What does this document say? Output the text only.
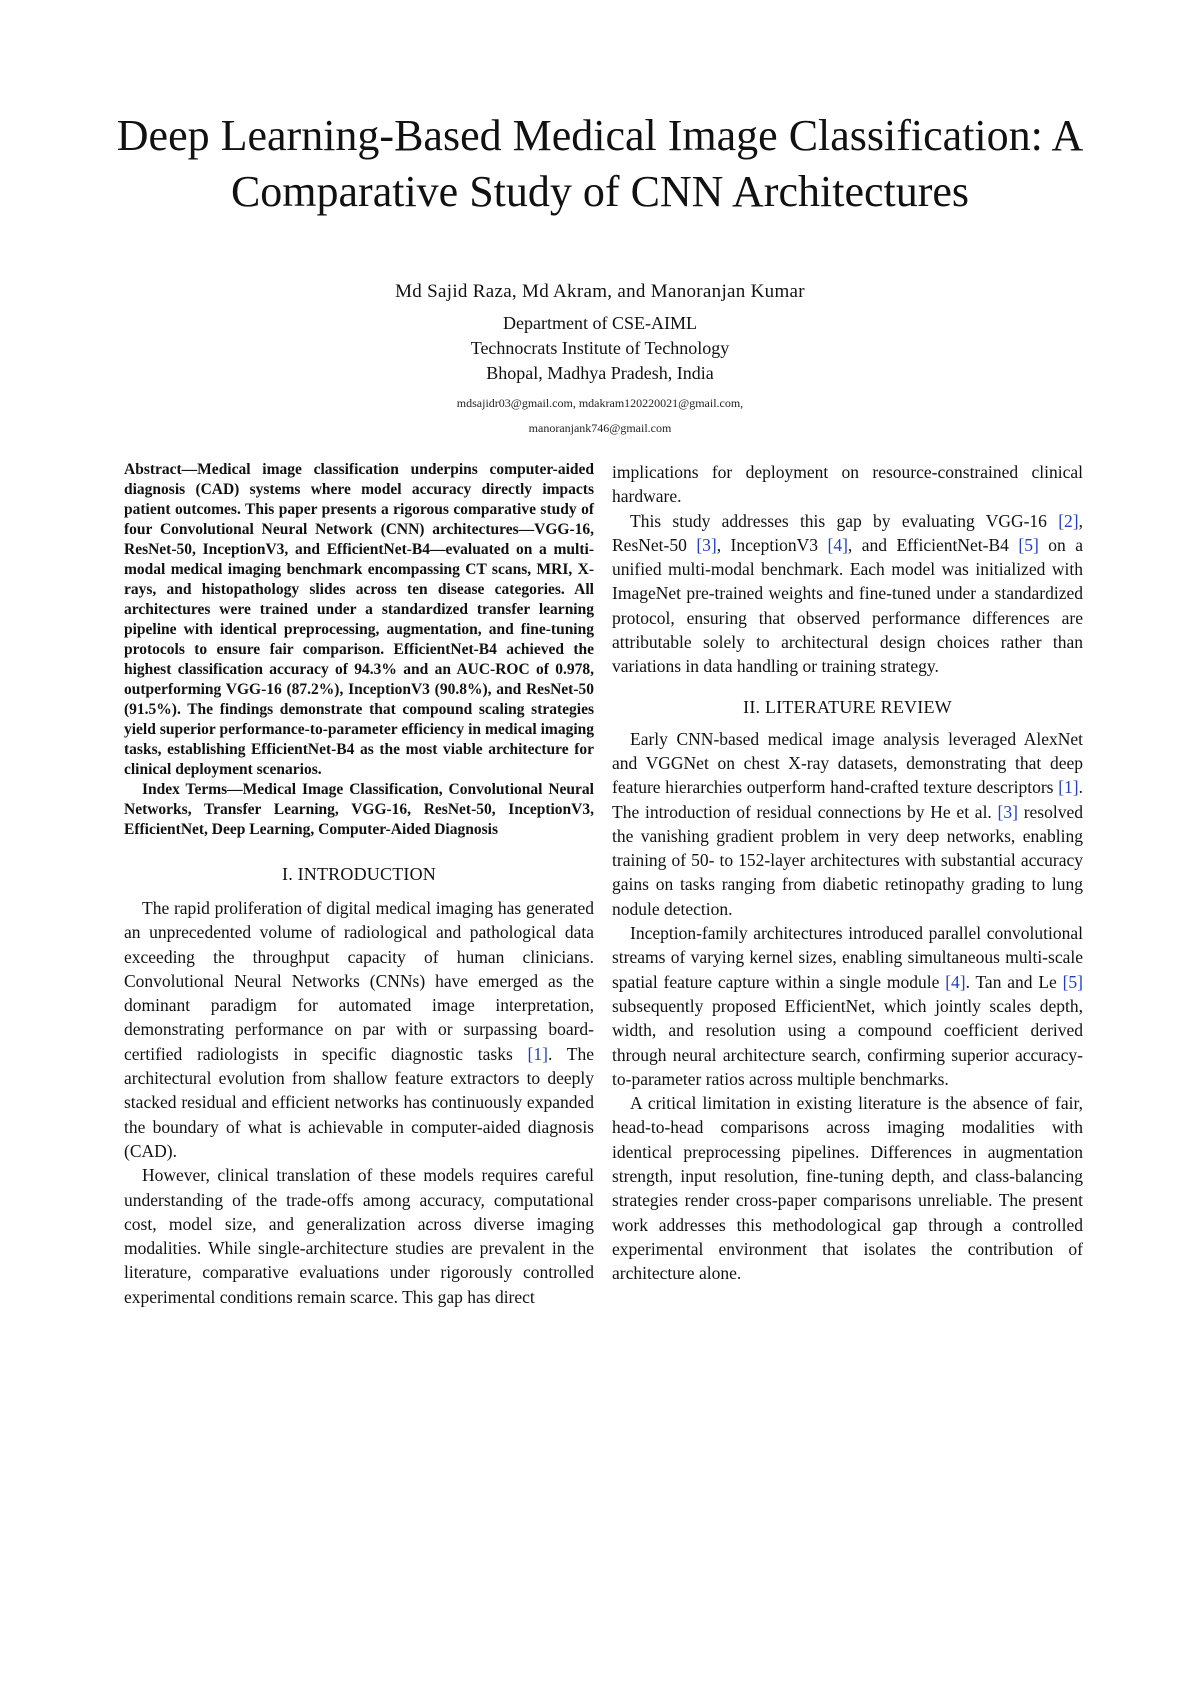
Deep Learning-Based Medical Image Classification: A Comparative Study of CNN Architectures
Md Sajid Raza, Md Akram, and Manoranjan Kumar
Department of CSE-AIML
Technocrats Institute of Technology
Bhopal, Madhya Pradesh, India
mdsajidr03@gmail.com, mdakram120220021@gmail.com,
manoranjank746@gmail.com

Abstract—Medical image classification underpins computer-aided diagnosis (CAD) systems where model accuracy directly impacts patient outcomes. This paper presents a rigorous comparative study of four Convolutional Neural Network (CNN) architectures—VGG-16, ResNet-50, InceptionV3, and EfficientNet-B4—evaluated on a multi-modal medical imaging benchmark encompassing CT scans, MRI, X-rays, and histopathology slides across ten disease categories. All architectures were trained under a standardized transfer learning pipeline with identical preprocessing, augmentation, and fine-tuning protocols to ensure fair comparison. EfficientNet-B4 achieved the highest classification accuracy of 94.3% and an AUC-ROC of 0.978, outperforming VGG-16 (87.2%), InceptionV3 (90.8%), and ResNet-50 (91.5%). The findings demonstrate that compound scaling strategies yield superior performance-to-parameter efficiency in medical imaging tasks, establishing EfficientNet-B4 as the most viable architecture for clinical deployment scenarios.

Index Terms—Medical Image Classification, Convolutional Neural Networks, Transfer Learning, VGG-16, ResNet-50, InceptionV3, EfficientNet, Deep Learning, Computer-Aided Diagnosis

I. INTRODUCTION

The rapid proliferation of digital medical imaging has generated an unprecedented volume of radiological and pathological data exceeding the throughput capacity of human clinicians. Convolutional Neural Networks (CNNs) have emerged as the dominant paradigm for automated image interpretation, demonstrating performance on par with or surpassing board-certified radiologists in specific diagnostic tasks [1]. The architectural evolution from shallow feature extractors to deeply stacked residual and efficient networks has continuously expanded the boundary of what is achievable in computer-aided diagnosis (CAD).

However, clinical translation of these models requires careful understanding of the trade-offs among accuracy, computational cost, model size, and generalization across diverse imaging modalities. While single-architecture studies are prevalent in the literature, comparative evaluations under rigorously controlled experimental conditions remain scarce. This gap has direct

implications for deployment on resource-constrained clinical hardware.

This study addresses this gap by evaluating VGG-16 [2], ResNet-50 [3], InceptionV3 [4], and EfficientNet-B4 [5] on a unified multi-modal benchmark. Each model was initialized with ImageNet pre-trained weights and fine-tuned under a standardized protocol, ensuring that observed performance differences are attributable solely to architectural design choices rather than variations in data handling or training strategy.

II. LITERATURE REVIEW

Early CNN-based medical image analysis leveraged AlexNet and VGGNet on chest X-ray datasets, demonstrating that deep feature hierarchies outperform hand-crafted texture descriptors [1]. The introduction of residual connections by He et al. [3] resolved the vanishing gradient problem in very deep networks, enabling training of 50- to 152-layer architectures with substantial accuracy gains on tasks ranging from diabetic retinopathy grading to lung nodule detection.

Inception-family architectures introduced parallel convolutional streams of varying kernel sizes, enabling simultaneous multi-scale spatial feature capture within a single module [4]. Tan and Le [5] subsequently proposed EfficientNet, which jointly scales depth, width, and resolution using a compound coefficient derived through neural architecture search, confirming superior accuracy-to-parameter ratios across multiple benchmarks.

A critical limitation in existing literature is the absence of fair, head-to-head comparisons across imaging modalities with identical preprocessing pipelines. Differences in augmentation strength, input resolution, fine-tuning depth, and class-balancing strategies render cross-paper comparisons unreliable. The present work addresses this methodological gap through a controlled experimental environment that isolates the contribution of architecture alone.
